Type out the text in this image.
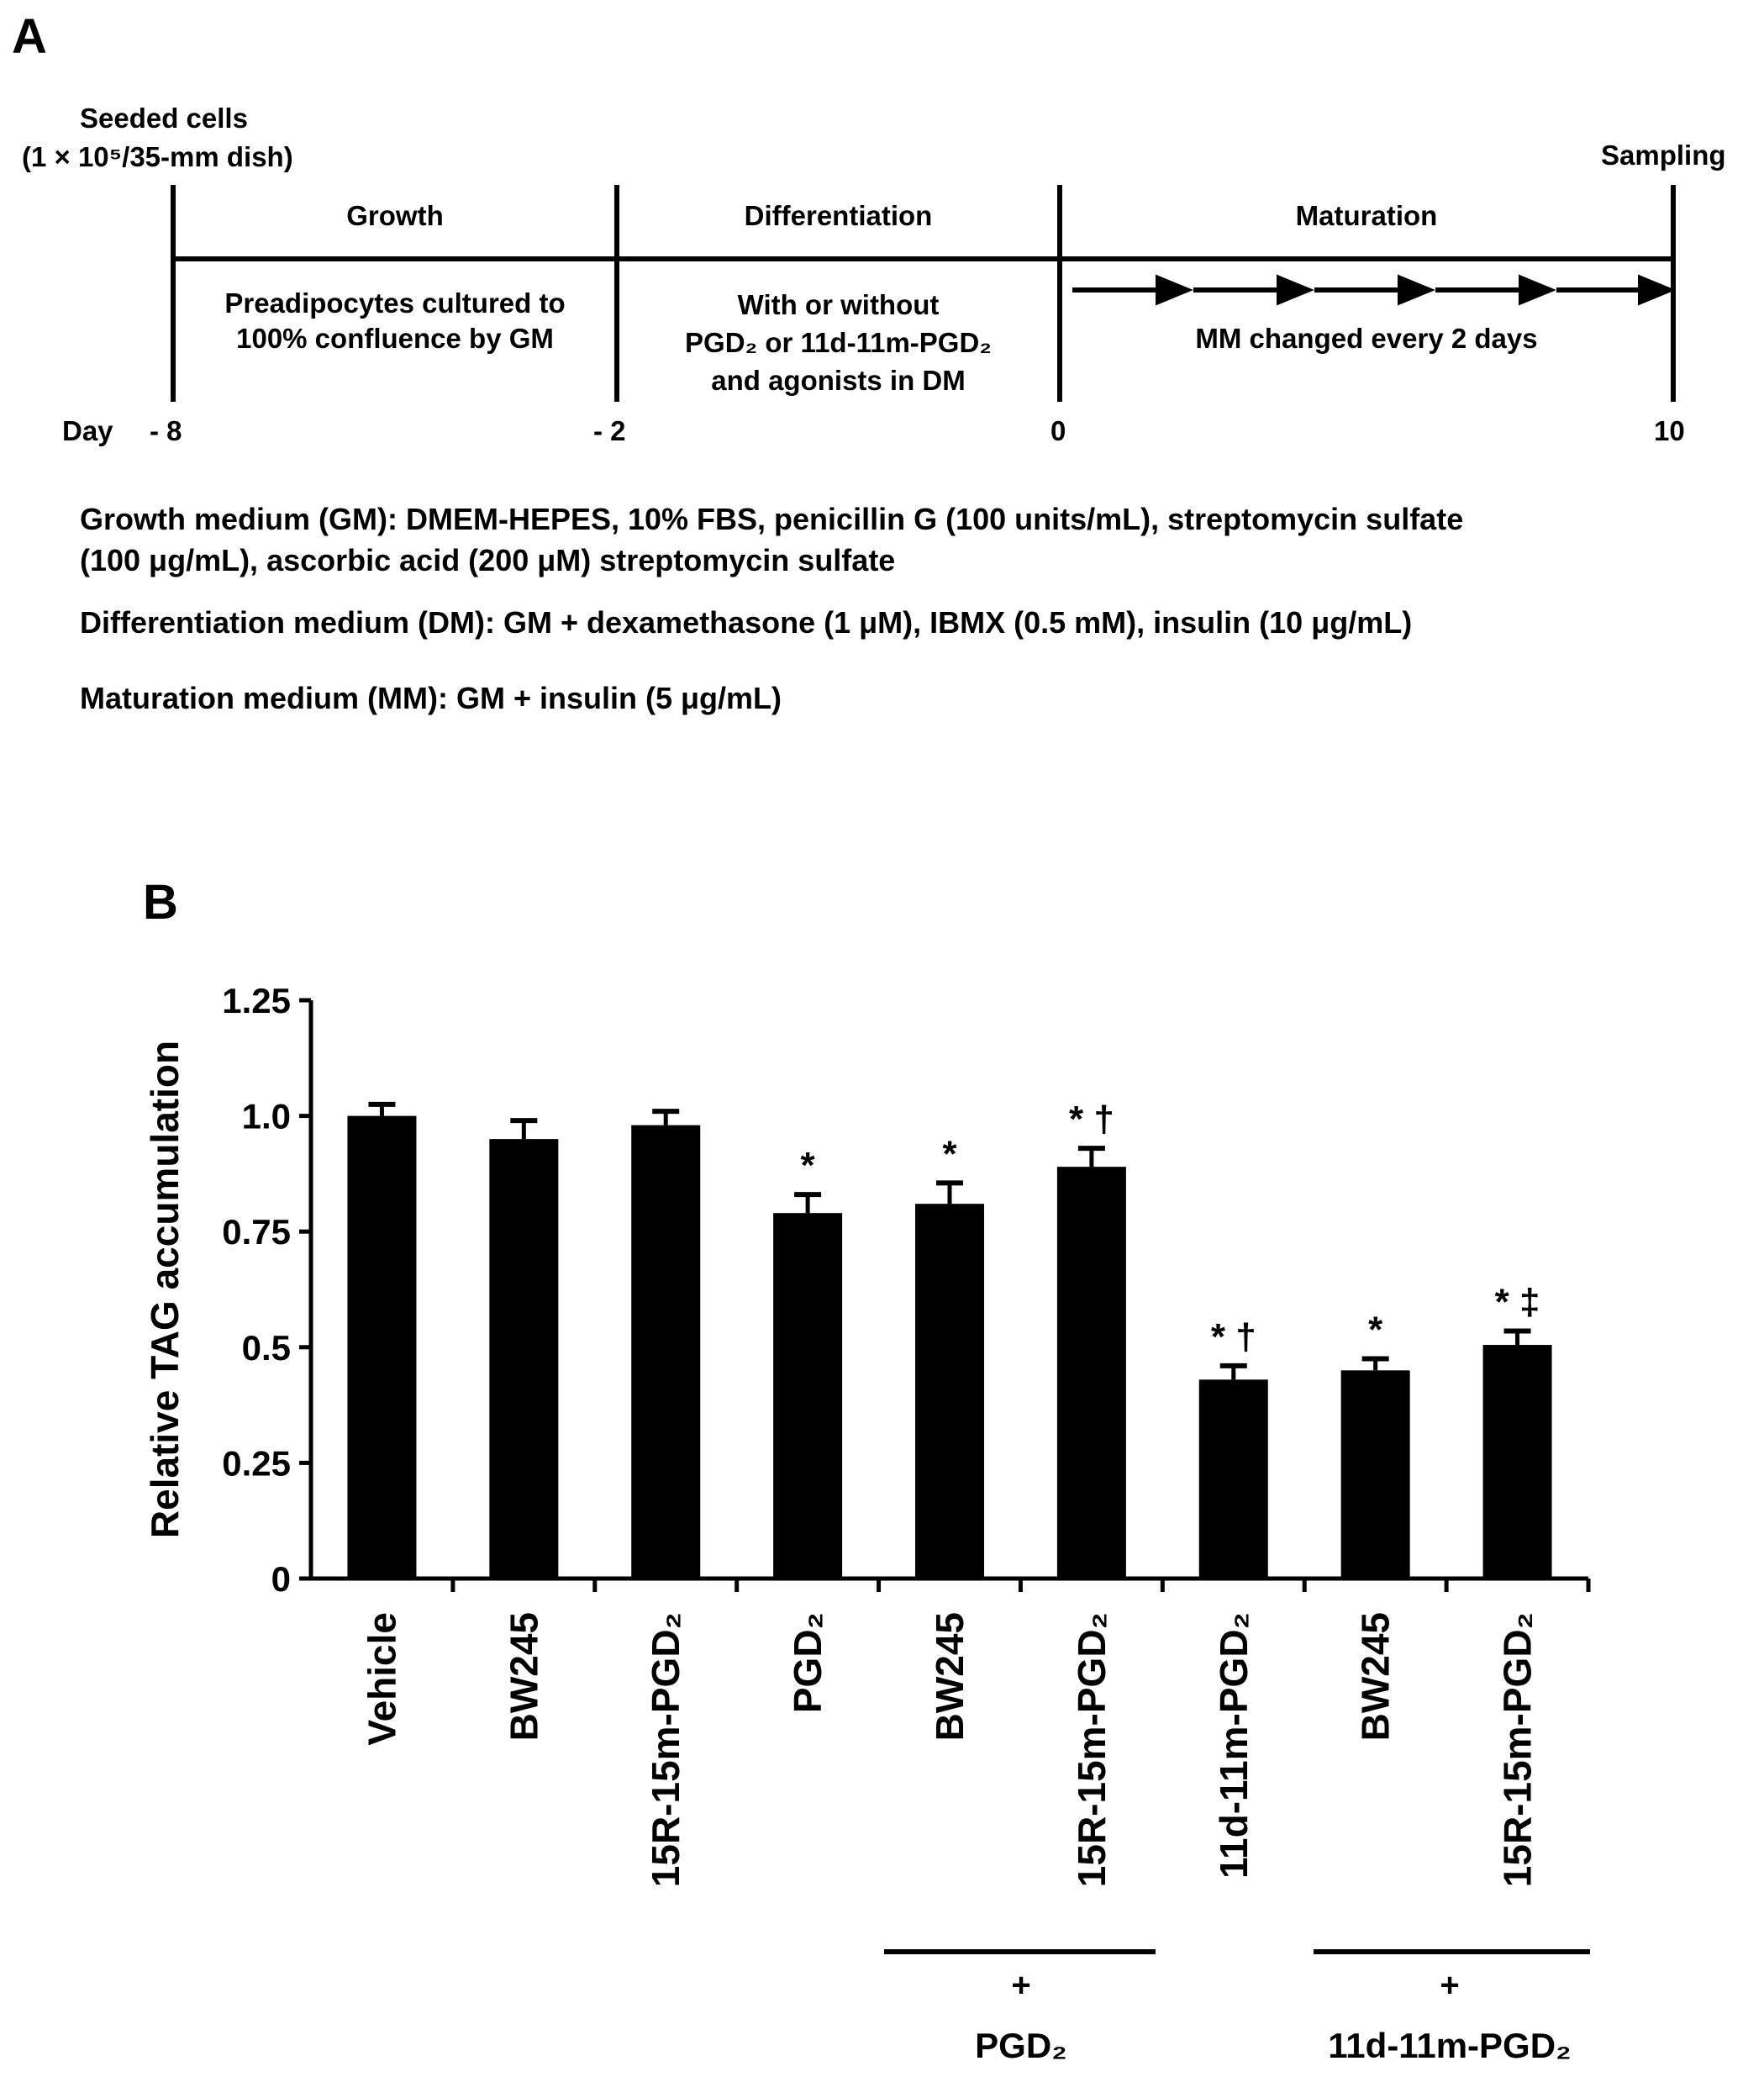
A
Seeded cells
(1 × 10⁵/35-mm dish)	Sampling
Growth	Differentiation	Maturation
Preadipocytes cultured to
100% confluence by GM
With or without
PGD₂ or 11d-11m-PGD₂
and agonists in DM
MM changed every 2 days
Day - 8	- 2	0	10
Growth medium (GM): DMEM-HEPES, 10% FBS, penicillin G (100 units/mL), streptomycin sulfate
(100 μg/mL), ascorbic acid (200 μM) streptomycin sulfate
Differentiation medium (DM): GM + dexamethasone (1 μM), IBMX (0.5 mM), insulin (10 μg/mL)
Maturation medium (MM): GM + insulin (5 μg/mL)
B
0
0.25
0.5
0.75
1.0
1.25
Relative TAG accumulation
Vehicle	BW245	15R-15m-PGD₂
*
PGD₂
*
BW245
* †
15R-15m-PGD₂
* †
11d-11m-PGD₂
*
BW245
* ‡
15R-15m-PGD₂
+
PGD₂
+
11d-11m-PGD₂
